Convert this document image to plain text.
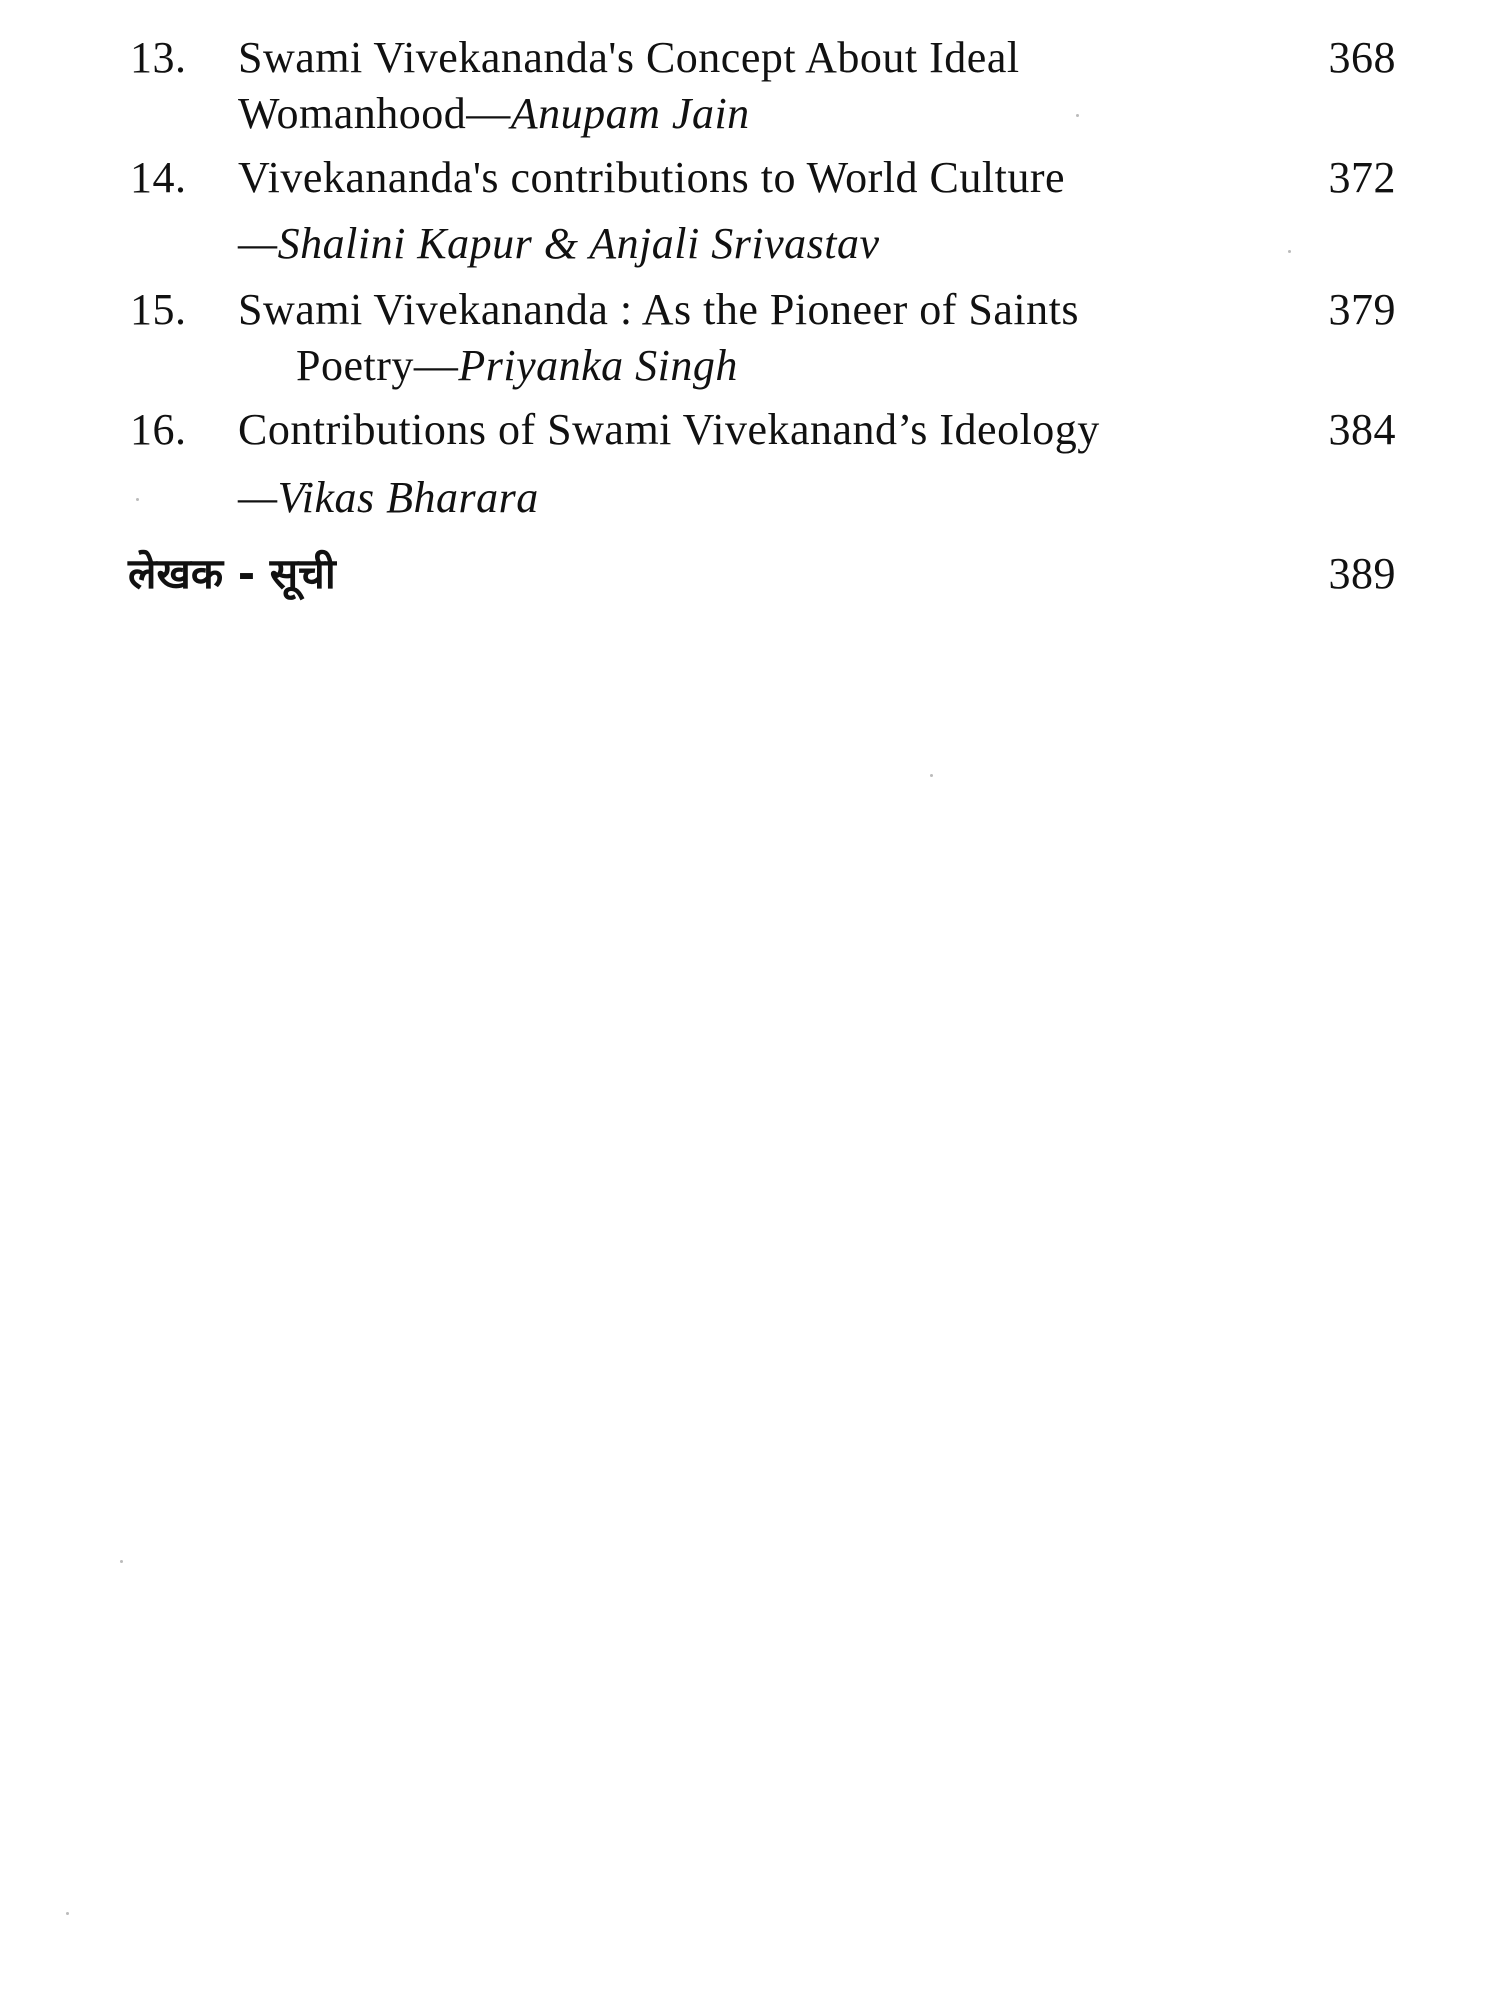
13. Swami Vivekananda's Concept About Ideal	368
Womanhood—Anupam Jain
14. Vivekananda's contributions to World Culture	372
—Shalini Kapur & Anjali Srivastav
15. Swami Vivekananda : As the Pioneer of Saints	379
Poetry—Priyanka Singh
16. Contributions of Swami Vivekanand’s Ideology	384
—Vikas Bharara
लेखक - सूची	389
